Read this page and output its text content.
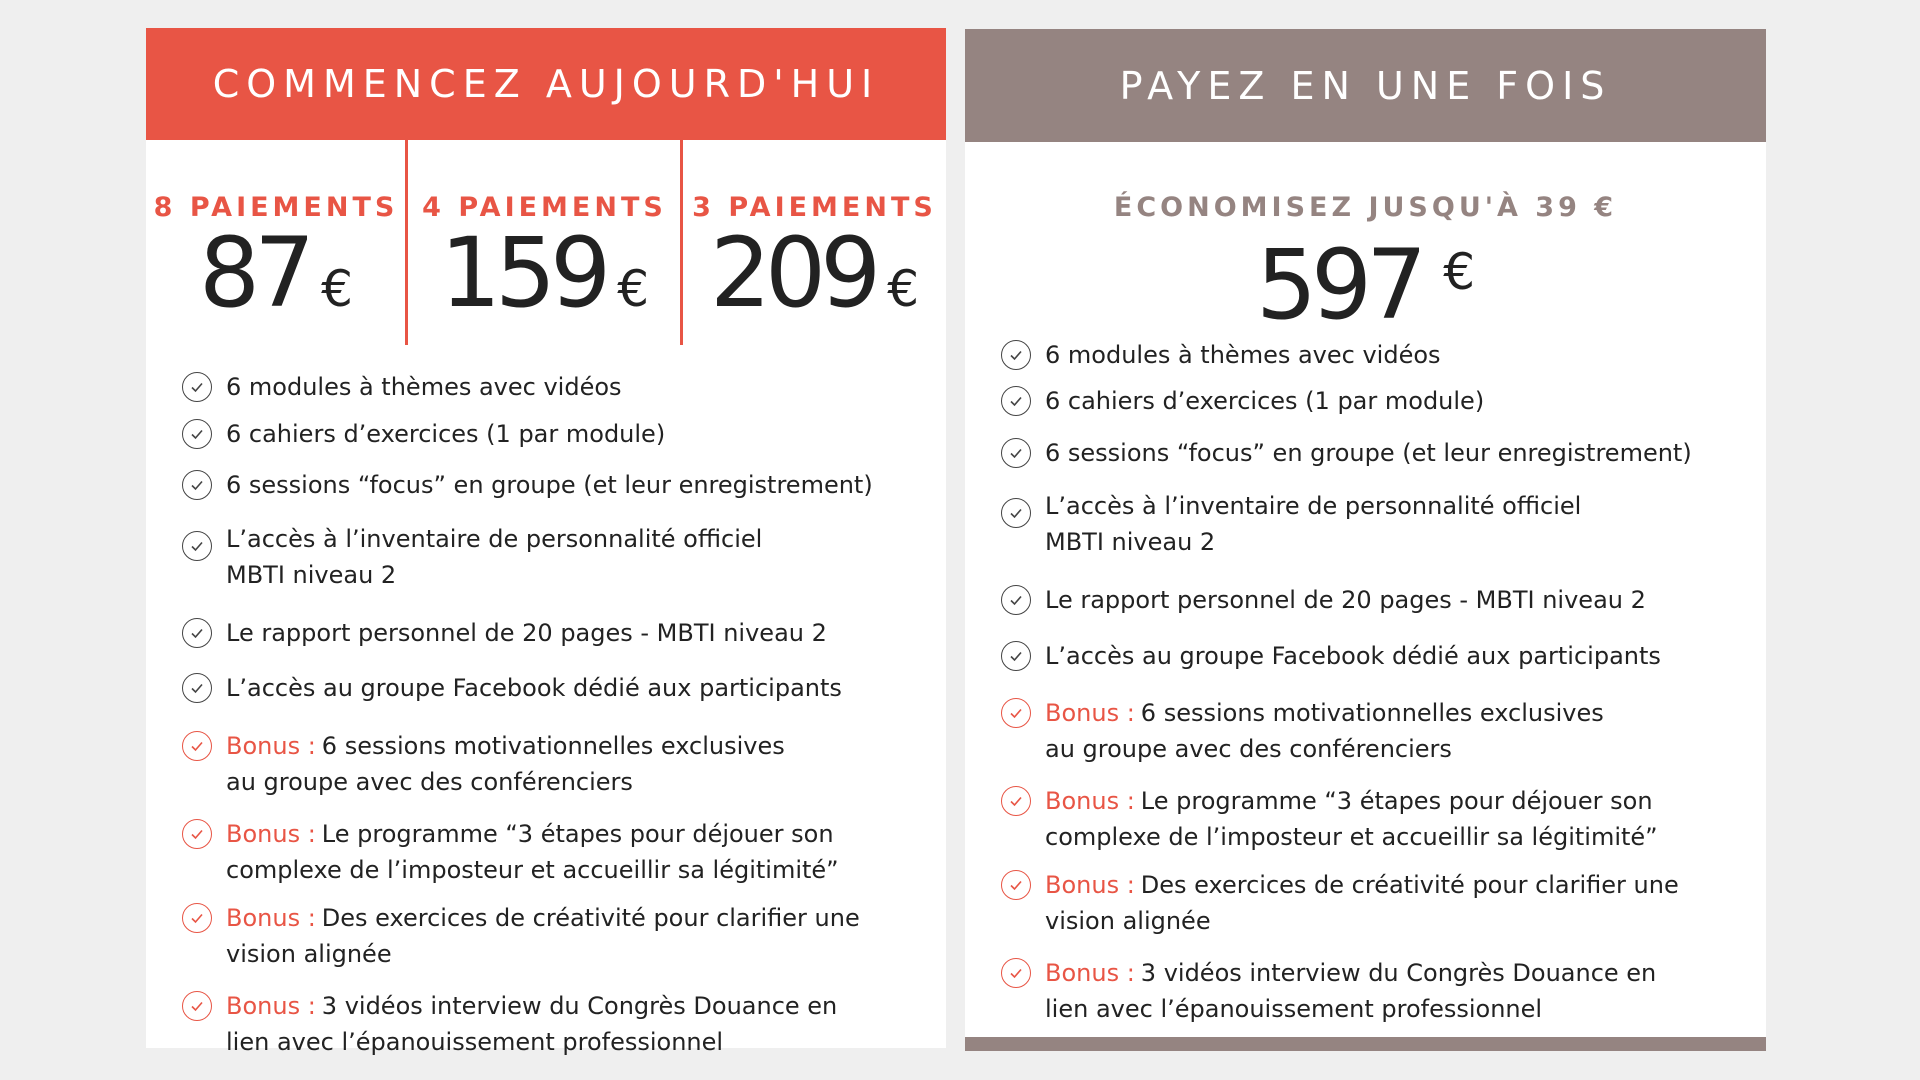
COMMENCEZ AUJOURD'HUI
8 PAIEMENTS
87 €
4 PAIEMENTS
159 €
3 PAIEMENTS
209 €
6 modules à thèmes avec vidéos
6 cahiers d’exercices (1 par module)
6 sessions “focus” en groupe (et leur enregistrement)
L’accès à l’inventaire de personnalité officiel MBTI niveau 2
Le rapport personnel de 20 pages - MBTI niveau 2
L’accès au groupe Facebook dédié aux participants
Bonus : 6 sessions motivationnelles exclusives au groupe avec des conférenciers
Bonus : Le programme “3 étapes pour déjouer son complexe de l’imposteur et accueillir sa légitimité”
Bonus : Des exercices de créativité pour clarifier une vision alignée
Bonus : 3 vidéos interview du Congrès Douance en lien avec l’épanouissement professionnel
PAYEZ EN UNE FOIS
ÉCONOMISEZ JUSQU'À 39 €
597 €
6 modules à thèmes avec vidéos
6 cahiers d’exercices (1 par module)
6 sessions “focus” en groupe (et leur enregistrement)
L’accès à l’inventaire de personnalité officiel MBTI niveau 2
Le rapport personnel de 20 pages - MBTI niveau 2
L’accès au groupe Facebook dédié aux participants
Bonus : 6 sessions motivationnelles exclusives au groupe avec des conférenciers
Bonus : Le programme “3 étapes pour déjouer son complexe de l’imposteur et accueillir sa légitimité”
Bonus : Des exercices de créativité pour clarifier une vision alignée
Bonus : 3 vidéos interview du Congrès Douance en lien avec l’épanouissement professionnel
